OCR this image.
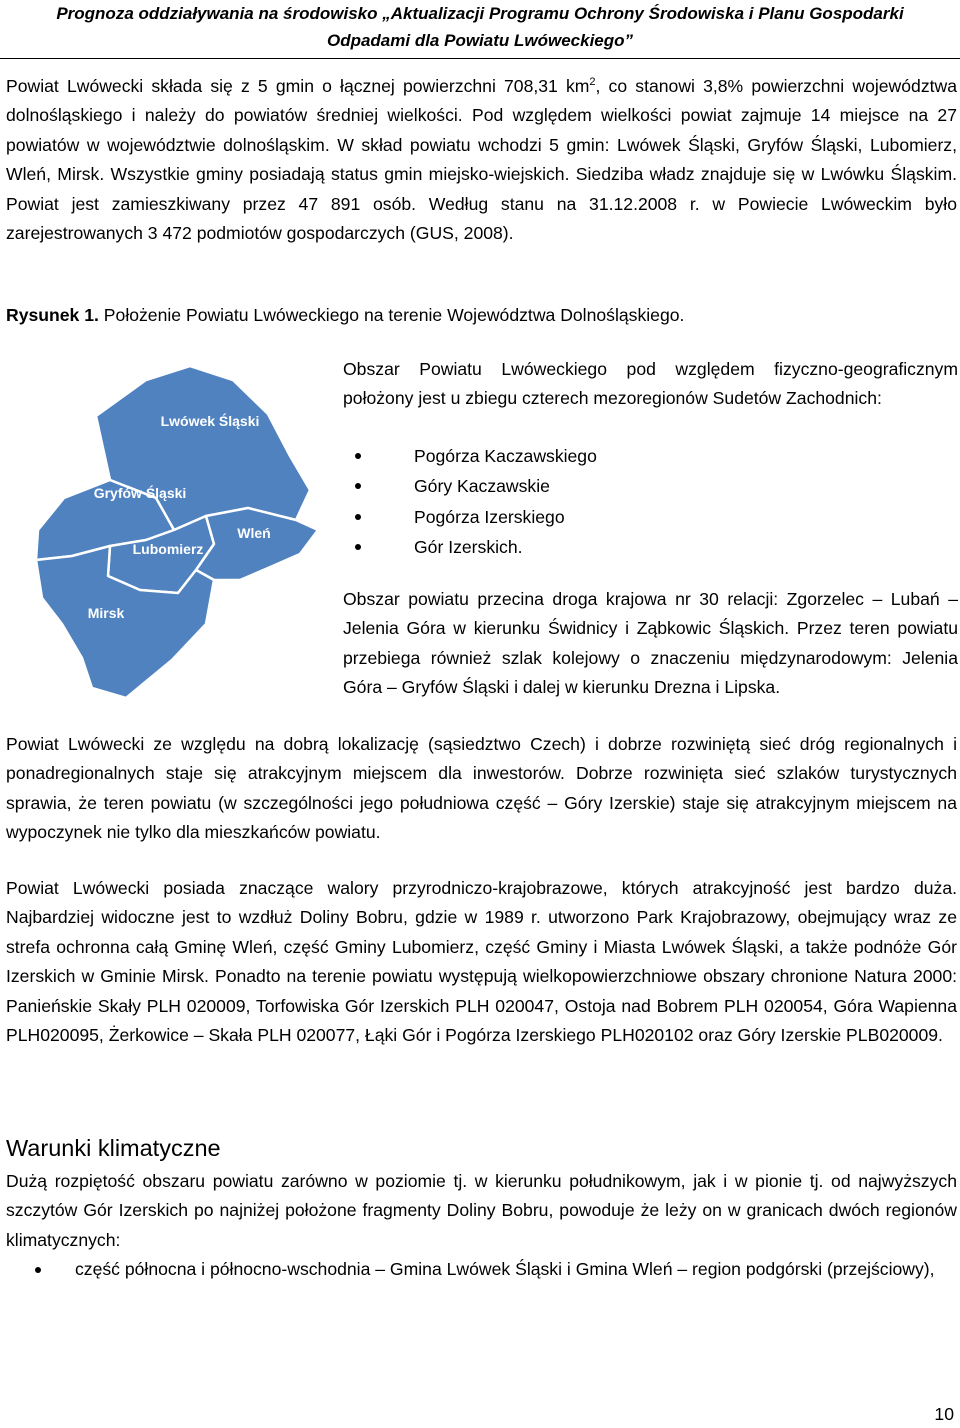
Prognoza oddziaływania na środowisko „Aktualizacji Programu Ochrony Środowiska i Planu Gospodarki
Odpadami dla Powiatu Lwóweckiego”

Powiat Lwówecki składa się z 5 gmin o łącznej powierzchni 708,31 $km^2$, co stanowi 3,8% powierzchni województwa dolnośląskiego i należy do powiatów średniej wielkości. Pod względem wielkości powiat zajmuje 14 miejsce na 27 powiatów w województwie dolnośląskim. W skład powiatu wchodzi 5 gmin: Lwówek Śląski, Gryfów Śląski, Lubomierz, Wleń, Mirsk. Wszystkie gminy posiadają status gmin miejsko-wiejskich. Siedziba władz znajduje się w Lwówku Śląskim. Powiat jest zamieszkiwany przez 47 891 osób. Według stanu na 31.12.2008 r. w Powiecie Lwóweckim było zarejestrowanych 3 472 podmiotów gospodarczych (GUS, 2008).

Rysunek 1. Położenie Powiatu Lwóweckiego na terenie Województwa Dolnośląskiego.
Lwówek Śląski
Gryfów Śląski
Lubomierz
Wleń
Mirsk

Obszar Powiatu Lwóweckiego pod względem fizyczno-geograficznym położony jest u zbiegu czterech mezoregionów Sudetów Zachodnich:

Pogórza Kaczawskiego
Góry Kaczawskie
Pogórza Izerskiego
Gór Izerskich.

Obszar powiatu przecina droga krajowa nr 30 relacji: Zgorzelec – Lubań – Jelenia Góra w kierunku Świdnicy i Ząbkowic Śląskich. Przez teren powiatu przebiega również szlak kolejowy o znaczeniu międzynarodowym: Jelenia Góra – Gryfów Śląski i dalej w kierunku Drezna i Lipska.

Powiat Lwówecki ze względu na dobrą lokalizację (sąsiedztwo Czech) i dobrze rozwiniętą sieć dróg regionalnych i ponadregionalnych staje się atrakcyjnym miejscem dla inwestorów. Dobrze rozwinięta sieć szlaków turystycznych sprawia, że teren powiatu (w szczególności jego południowa część – Góry Izerskie) staje się atrakcyjnym miejscem na wypoczynek nie tylko dla mieszkańców powiatu.

Powiat Lwówecki posiada znaczące walory przyrodniczo-krajobrazowe, których atrakcyjność jest bardzo duża. Najbardziej widoczne jest to wzdłuż Doliny Bobru, gdzie w 1989 r. utworzono Park Krajobrazowy, obejmujący wraz ze strefa ochronna całą Gminę Wleń, część Gminy Lubomierz, część Gminy i Miasta Lwówek Śląski, a także podnóże Gór Izerskich w Gminie Mirsk. Ponadto na terenie powiatu występują wielkopowierzchniowe obszary chronione Natura 2000: Panieńskie Skały PLH 020009, Torfowiska Gór Izerskich PLH 020047, Ostoja nad Bobrem PLH 020054, Góra Wapienna PLH020095, Żerkowice – Skała PLH 020077, Łąki Gór i Pogórza Izerskiego PLH020102 oraz Góry Izerskie PLB020009.

Warunki klimatyczne

Dużą rozpiętość obszaru powiatu zarówno w poziomie tj. w kierunku południkowym, jak i w pionie tj. od najwyższych szczytów Gór Izerskich po najniżej położone fragmenty Doliny Bobru, powoduje że leży on w granicach dwóch regionów klimatycznych:

część północna i północno-wschodnia – Gmina Lwówek Śląski i Gmina Wleń – region podgórski (przejściowy),
10
